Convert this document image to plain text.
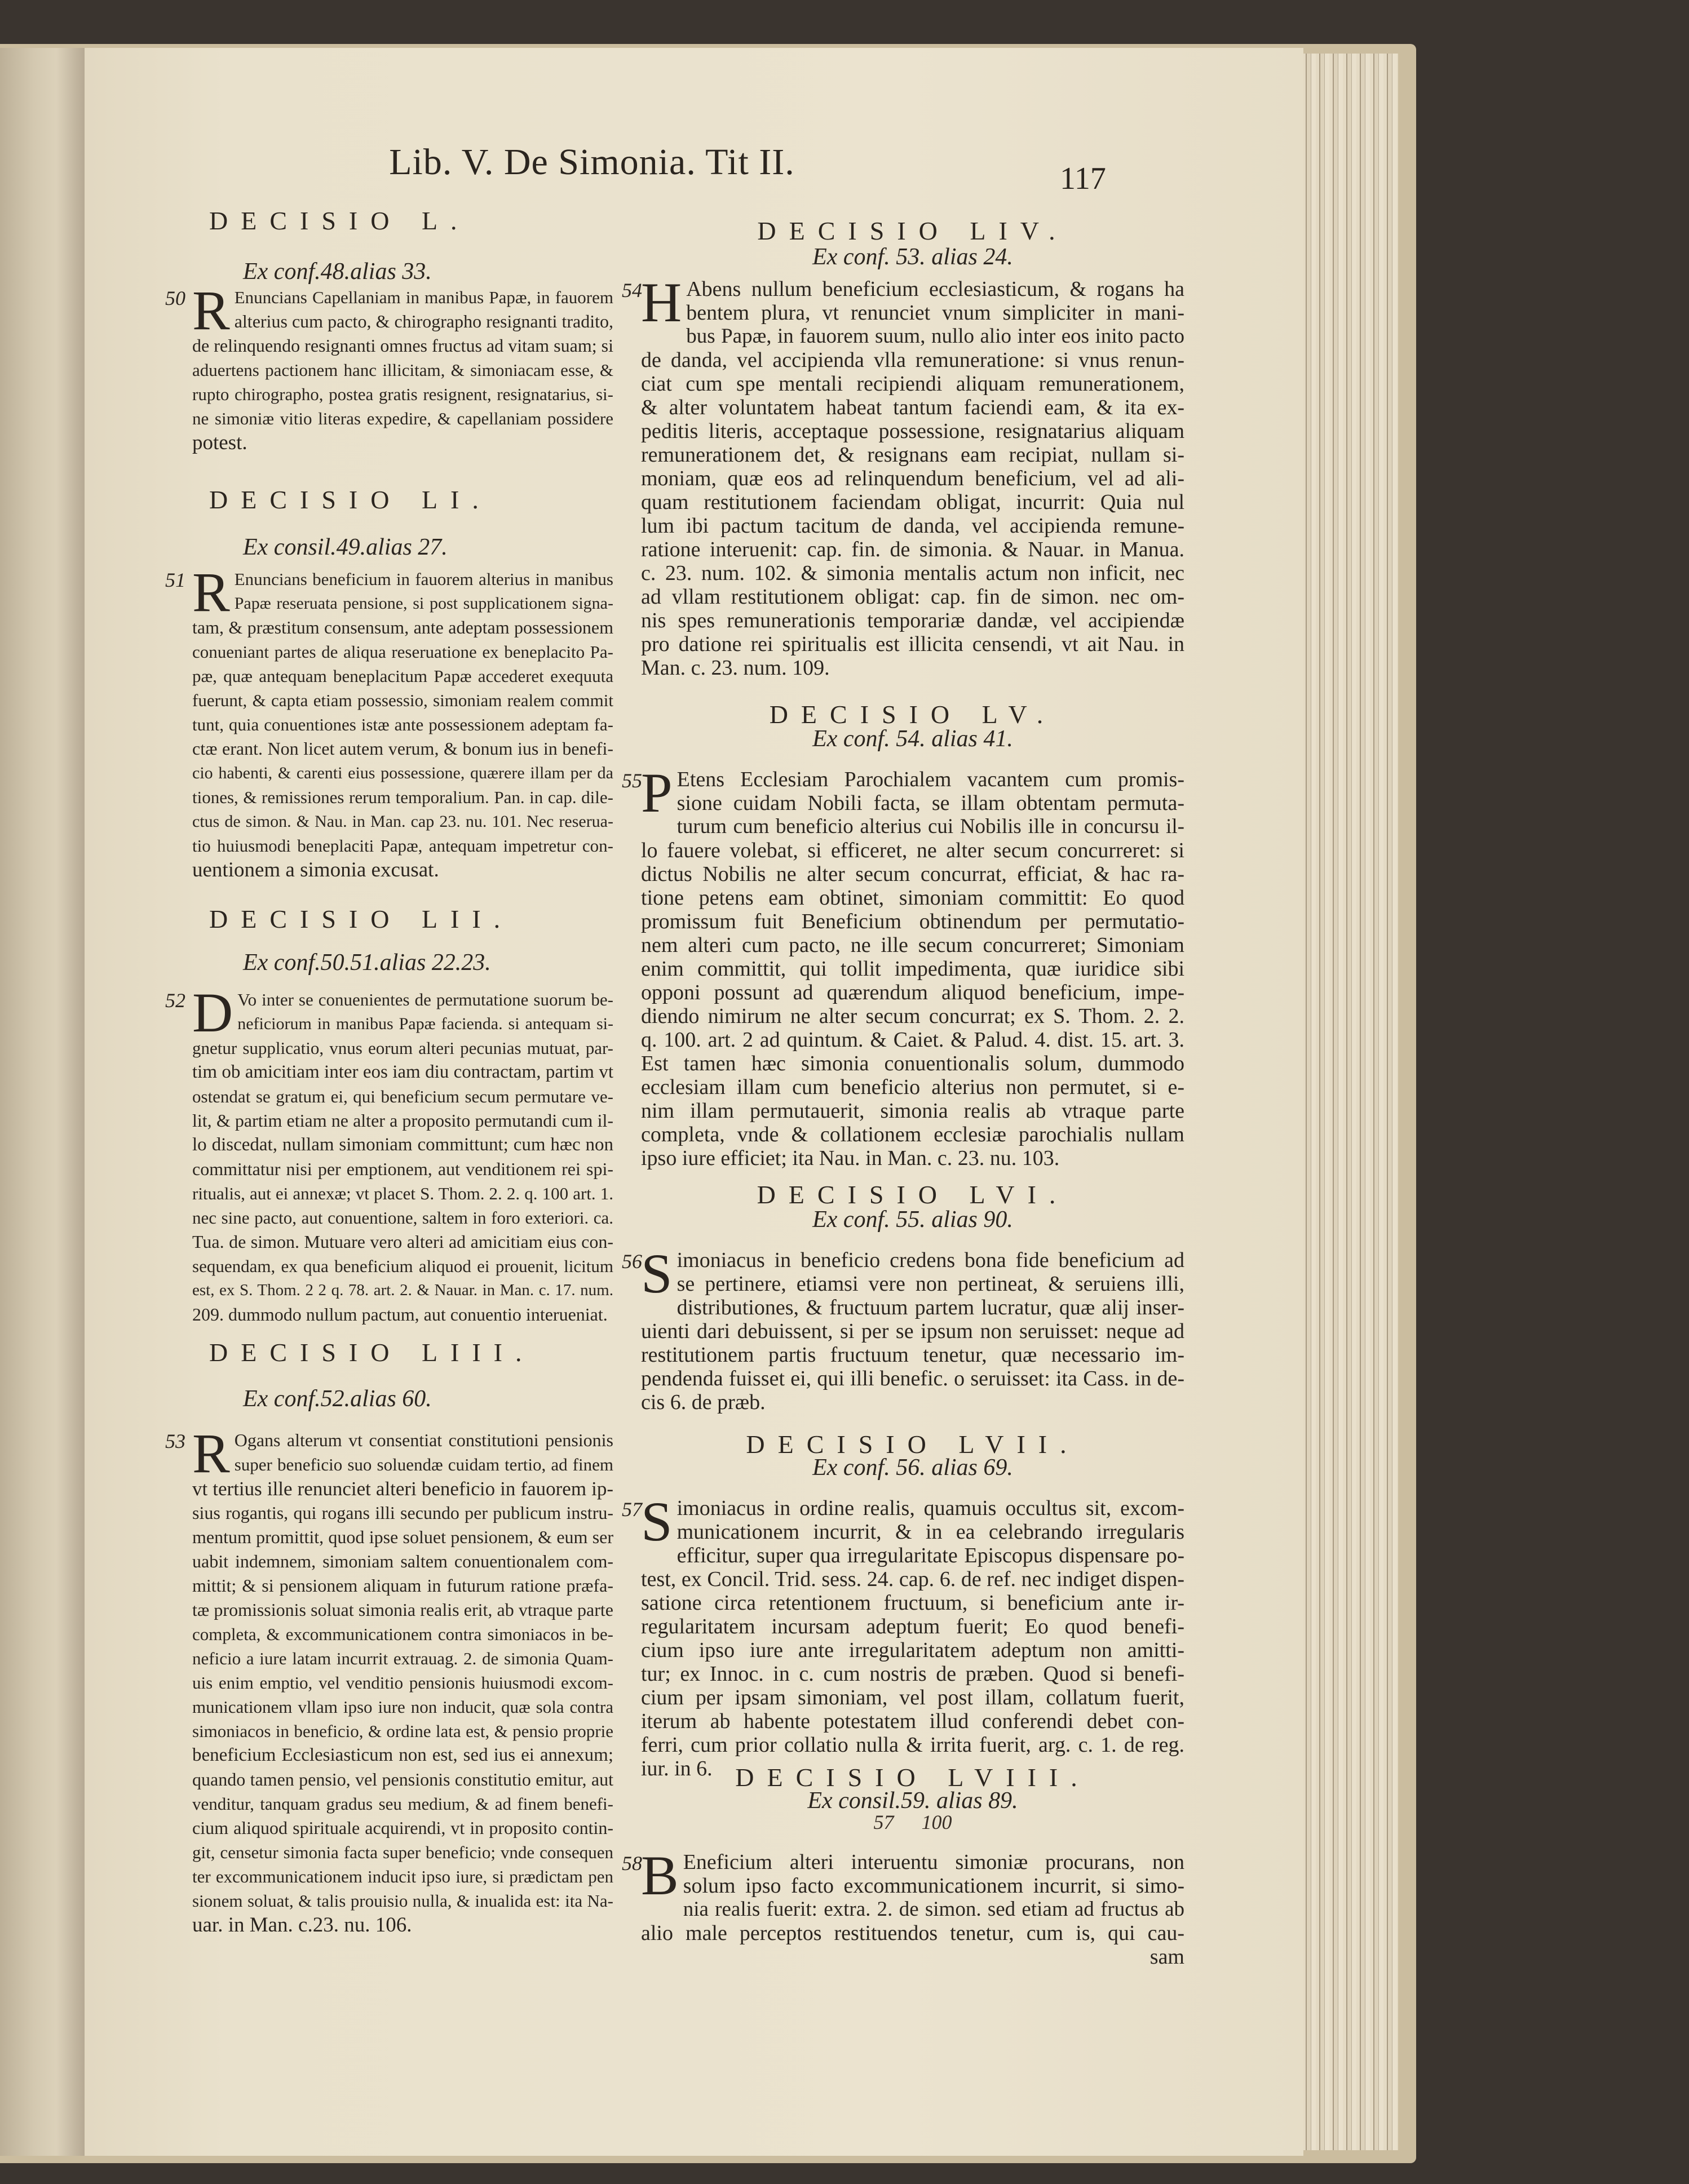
Lib. V. De Simonia. Tit II.	117
DECISIO L.
Ex conf.48.alias 33.
50 R Enuncians Capellaniam in manibus Papæ, in fauorem
alterius cum pacto, & chirographo resignanti tradito,
de relinquendo resignanti omnes fructus ad vitam suam; si
aduertens pactionem hanc illicitam, & simoniacam esse, &
rupto chirographo, postea gratis resignent, resignatarius, si-
ne simoniæ vitio literas expedire, & capellaniam possidere
potest.
DECISIO LI.
Ex consil.49.alias 27.
51 R Enuncians beneficium in fauorem alterius in manibus
Papæ reseruata pensione, si post supplicationem signa-
tam, & præstitum consensum, ante adeptam possessionem
conueniant partes de aliqua reseruatione ex beneplacito Pa-
pæ, quæ antequam beneplacitum Papæ accederet exequuta
fuerunt, & capta etiam possessio, simoniam realem commit
tunt, quia conuentiones istæ ante possessionem adeptam fa-
ctæ erant. Non licet autem verum, & bonum ius in benefi-
cio habenti, & carenti eius possessione, quærere illam per da
tiones, & remissiones rerum temporalium. Pan. in cap. dile-
ctus de simon. & Nau. in Man. cap 23. nu. 101. Nec reserua-
tio huiusmodi beneplaciti Papæ, antequam impetretur con-
uentionem a simonia excusat.
DECISIO LII.
Ex conf.50.51.alias 22.23.
52 D Vo inter se conuenientes de permutatione suorum be-
neficiorum in manibus Papæ facienda. si antequam si-
gnetur supplicatio, vnus eorum alteri pecunias mutuat, par-
tim ob amicitiam inter eos iam diu contractam, partim vt
ostendat se gratum ei, qui beneficium secum permutare ve-
lit, & partim etiam ne alter a proposito permutandi cum il-
lo discedat, nullam simoniam committunt; cum hæc non
committatur nisi per emptionem, aut venditionem rei spi-
ritualis, aut ei annexæ; vt placet S. Thom. 2. 2. q. 100 art. 1.
nec sine pacto, aut conuentione, saltem in foro exteriori. ca.
Tua. de simon. Mutuare vero alteri ad amicitiam eius con-
sequendam, ex qua beneficium aliquod ei prouenit, licitum
est, ex S. Thom. 2 2 q. 78. art. 2. & Nauar. in Man. c. 17. num.
209. dummodo nullum pactum, aut conuentio interueniat.
DECISIO LIII.
Ex conf.52.alias 60.
53 R Ogans alterum vt consentiat constitutioni pensionis
super beneficio suo soluendæ cuidam tertio, ad finem
vt tertius ille renunciet alteri beneficio in fauorem ip-
sius rogantis, qui rogans illi secundo per publicum instru-
mentum promittit, quod ipse soluet pensionem, & eum ser
uabit indemnem, simoniam saltem conuentionalem com-
mittit; & si pensionem aliquam in futurum ratione præfa-
tæ promissionis soluat simonia realis erit, ab vtraque parte
completa, & excommunicationem contra simoniacos in be-
neficio a iure latam incurrit extrauag. 2. de simonia Quam-
uis enim emptio, vel venditio pensionis huiusmodi excom-
municationem vllam ipso iure non inducit, quæ sola contra
simoniacos in beneficio, & ordine lata est, & pensio proprie
beneficium Ecclesiasticum non est, sed ius ei annexum;
quando tamen pensio, vel pensionis constitutio emitur, aut
venditur, tanquam gradus seu medium, & ad finem benefi-
cium aliquod spirituale acquirendi, vt in proposito contin-
git, censetur simonia facta super beneficio; vnde consequen
ter excommunicationem inducit ipso iure, si prædictam pen
sionem soluat, & talis prouisio nulla, & inualida est: ita Na-
uar. in Man. c.23. nu. 106.
DECISIO LIV.
Ex conf. 53. alias 24.
54
H Abens nullum beneficium ecclesiasticum, & rogans ha
bentem plura, vt renunciet vnum simpliciter in mani-
bus Papæ, in fauorem suum, nullo alio inter eos inito pacto
de danda, vel accipienda vlla remuneratione: si vnus renun-
ciat cum spe mentali recipiendi aliquam remunerationem,
& alter voluntatem habeat tantum faciendi eam, & ita ex-
peditis literis, acceptaque possessione, resignatarius aliquam
remunerationem det, & resignans eam recipiat, nullam si-
moniam, quæ eos ad relinquendum beneficium, vel ad ali-
quam restitutionem faciendam obligat, incurrit: Quia nul
lum ibi pactum tacitum de danda, vel accipienda remune-
ratione interuenit: cap. fin. de simonia. & Nauar. in Manua.
c. 23. num. 102. & simonia mentalis actum non inficit, nec
ad vllam restitutionem obligat: cap. fin de simon. nec om-
nis spes remunerationis temporariæ dandæ, vel accipiendæ
pro datione rei spiritualis est illicita censendi, vt ait Nau. in
Man. c. 23. num. 109.
DECISIO LV.
Ex conf. 54. alias 41.
55
P Etens Ecclesiam Parochialem vacantem cum promis-
sione cuidam Nobili facta, se illam obtentam permuta-
turum cum beneficio alterius cui Nobilis ille in concursu il-
lo fauere volebat, si efficeret, ne alter secum concurreret: si
dictus Nobilis ne alter secum concurrat, efficiat, & hac ra-
tione petens eam obtinet, simoniam committit: Eo quod
promissum fuit Beneficium obtinendum per permutatio-
nem alteri cum pacto, ne ille secum concurreret; Simoniam
enim committit, qui tollit impedimenta, quæ iuridice sibi
opponi possunt ad quærendum aliquod beneficium, impe-
diendo nimirum ne alter secum concurrat; ex S. Thom. 2. 2.
q. 100. art. 2 ad quintum. & Caiet. & Palud. 4. dist. 15. art. 3.
Est tamen hæc simonia conuentionalis solum, dummodo
ecclesiam illam cum beneficio alterius non permutet, si e-
nim illam permutauerit, simonia realis ab vtraque parte
completa, vnde & collationem ecclesiæ parochialis nullam
ipso iure efficiet; ita Nau. in Man. c. 23. nu. 103.
DECISIO LVI.
Ex conf. 55. alias 90.
56
S imoniacus in beneficio credens bona fide beneficium ad
se pertinere, etiamsi vere non pertineat, & seruiens illi,
distributiones, & fructuum partem lucratur, quæ alij inser-
uienti dari debuissent, si per se ipsum non seruisset: neque ad
restitutionem partis fructuum tenetur, quæ necessario im-
pendenda fuisset ei, qui illi benefic. o seruisset: ita Cass. in de-
cis 6. de præb.
DECISIO LVII.
Ex conf. 56. alias 69.
57
S imoniacus in ordine realis, quamuis occultus sit, excom-
municationem incurrit, & in ea celebrando irregularis
efficitur, super qua irregularitate Episcopus dispensare po-
test, ex Concil. Trid. sess. 24. cap. 6. de ref. nec indiget dispen-
satione circa retentionem fructuum, si beneficium ante ir-
regularitatem incursam adeptum fuerit; Eo quod benefi-
cium ipso iure ante irregularitatem adeptum non amitti-
tur; ex Innoc. in c. cum nostris de præben. Quod si benefi-
cium per ipsam simoniam, vel post illam, collatum fuerit,
iterum ab habente potestatem illud conferendi debet con-
ferri, cum prior collatio nulla & irrita fuerit, arg. c. 1. de reg.
iur. in 6. DECISIO LVIII.
Ex consil.59. alias 89.
57 100
58
B Eneficium alteri interuentu simoniæ procurans, non
solum ipso facto excommunicationem incurrit, si simo-
nia realis fuerit: extra. 2. de simon. sed etiam ad fructus ab
alio male perceptos restituendos tenetur, cum is, qui cau-
sam
